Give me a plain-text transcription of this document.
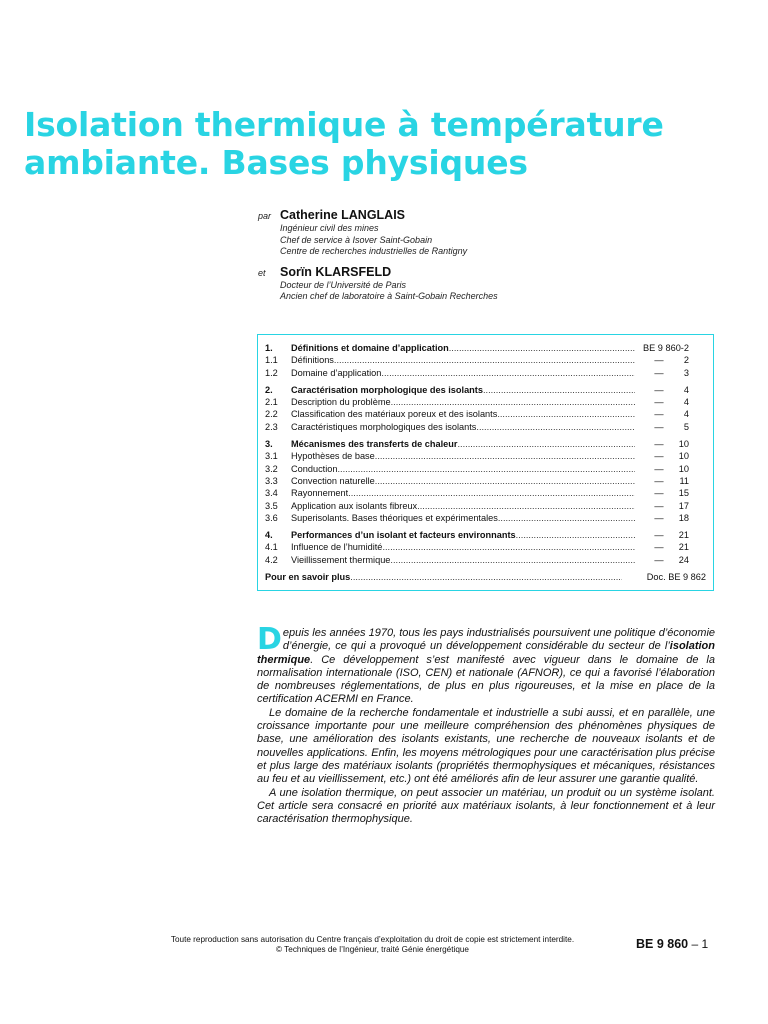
Isolation thermique à température
ambiante. Bases physiques
par Catherine LANGLAIS
Ingénieur civil des mines
Chef de service à Isover Saint-Gobain
Centre de recherches industrielles de Rantigny
et Sorïn KLARSFELD
Docteur de l’Université de Paris
Ancien chef de laboratoire à Saint-Gobain Recherches
1.	Définitions et domaine d’application .....	BE 9 860-2
1.1	Définitions .....	— 2
1.2	Domaine d’application .....	— 3
2.	Caractérisation morphologique des isolants .....	— 4
2.1	Description du problème .....	— 4
2.2	Classification des matériaux poreux et des isolants .....	— 4
2.3	Caractéristiques morphologiques des isolants .....	— 5
3.	Mécanismes des transferts de chaleur .....	— 10
3.1	Hypothèses de base .....	— 10
3.2	Conduction .....	— 10
3.3	Convection naturelle .....	— 11
3.4	Rayonnement .....	— 15
3.5	Application aux isolants fibreux .....	— 17
3.6	Superisolants. Bases théoriques et expérimentales .....	— 18
4.	Performances d’un isolant et facteurs environnants .....	— 21
4.1	Influence de l’humidité .....	— 21
4.2	Vieillissement thermique .....	— 24
Pour en savoir plus .....	Doc. BE 9 862

Depuis les années 1970, tous les pays industrialisés poursuivent une politique d’économie d’énergie, ce qui a provoqué un développement considérable du secteur de l’isolation thermique. Ce développement s’est manifesté avec vigueur dans le domaine de la normalisation internationale (ISO, CEN) et nationale (AFNOR), ce qui a favorisé l’élaboration de nombreuses réglementations, de plus en plus rigoureuses, et la mise en place de la certification ACERMI en France.

Le domaine de la recherche fondamentale et industrielle a subi aussi, et en parallèle, une croissance importante pour une meilleure compréhension des phénomènes physiques de base, une amélioration des isolants existants, une recherche de nouveaux isolants et de nouvelles applications. Enfin, les moyens métrologiques pour une caractérisation plus précise et plus large des matériaux isolants (propriétés thermophysiques et mécaniques, résistances au feu et au vieillissement, etc.) ont été améliorés afin de leur assurer une garantie qualité.

A une isolation thermique, on peut associer un matériau, un produit ou un système isolant. Cet article sera consacré en priorité aux matériaux isolants, à leur fonctionnement et à leur caractérisation thermophysique.

Toute reproduction sans autorisation du Centre français d’exploitation du droit de copie est strictement interdite.
© Techniques de l’Ingénieur, traité Génie énergétique	BE 9 860 – 1
